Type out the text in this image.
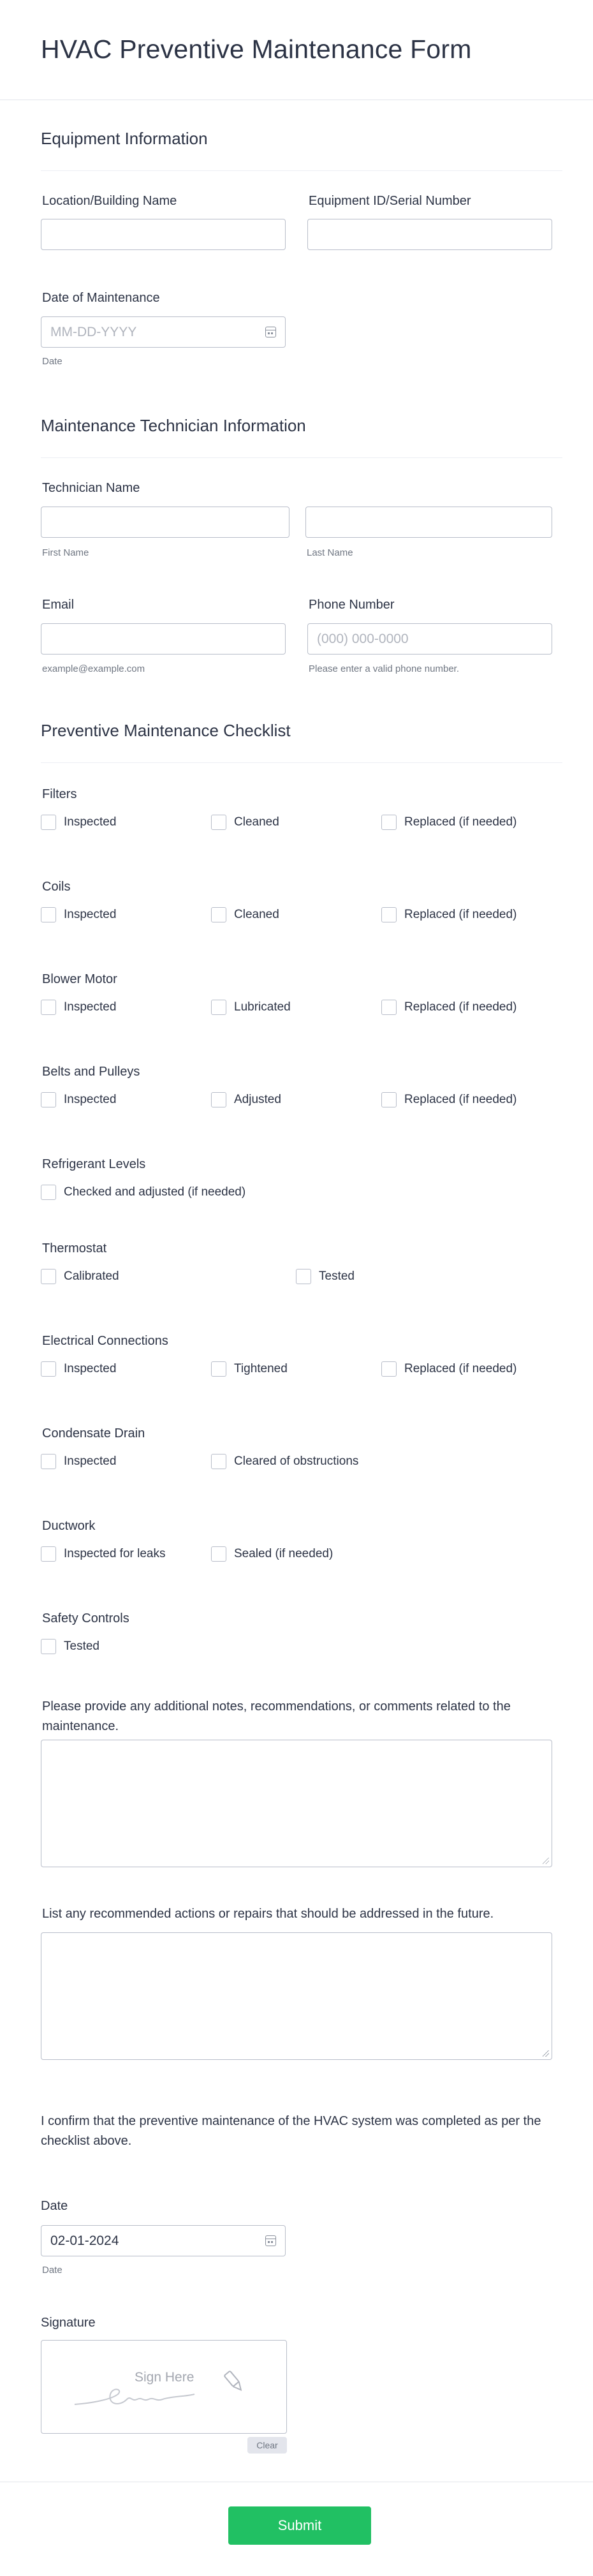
HVAC Preventive Maintenance Form
Equipment Information
Location/Building Name	Equipment ID/Serial Number
Date of Maintenance
MM-DD-YYYY
Date
Maintenance Technician Information
Technician Name
First Name	Last Name
Email
example@example.com
Phone Number
(000) 000-0000
Please enter a valid phone number.
Preventive Maintenance Checklist
Filters
Inspected	Cleaned	Replaced (if needed)
Coils
Inspected	Cleaned	Replaced (if needed)
Blower Motor
Inspected	Lubricated	Replaced (if needed)
Belts and Pulleys
Inspected	Adjusted	Replaced (if needed)
Refrigerant Levels
Checked and adjusted (if needed)
Thermostat
Calibrated	Tested
Electrical Connections
Inspected	Tightened	Replaced (if needed)
Condensate Drain
Inspected	Cleared of obstructions
Ductwork
Inspected for leaks	Sealed (if needed)
Safety Controls
Tested
Please provide any additional notes, recommendations, or comments related to the maintenance.
List any recommended actions or repairs that should be addressed in the future.
I confirm that the preventive maintenance of the HVAC system was completed as per the checklist above.
Date
02-01-2024
Date
Signature
Sign Here
Clear
Submit
